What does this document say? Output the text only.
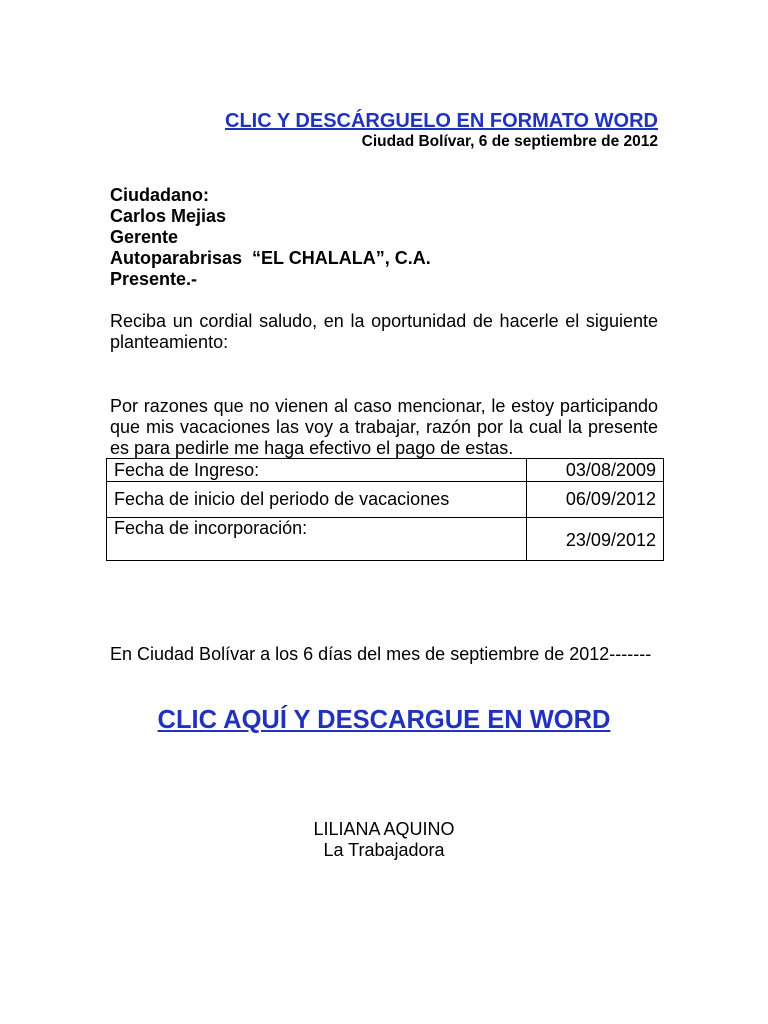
CLIC Y DESCÁRGUELO EN FORMATO WORD
Ciudad Bolívar, 6 de septiembre de 2012
Ciudadano:
Carlos Mejias
Gerente
Autoparabrisas  “EL CHALALA”, C.A.
Presente.-
Reciba un cordial saludo, en la oportunidad de hacerle el siguiente planteamiento:
Por razones que no vienen al caso mencionar, le estoy participando que mis vacaciones las voy a trabajar, razón por la cual la presente es para pedirle me haga efectivo el pago de estas.
Fecha de Ingreso:	03/08/2009
Fecha de inicio del periodo de vacaciones	06/09/2012
Fecha de incorporación:	23/09/2012
En Ciudad Bolívar a los 6 días del mes de septiembre de 2012-------
CLIC AQUÍ Y DESCARGUE EN WORD
LILIANA AQUINO
La Trabajadora
